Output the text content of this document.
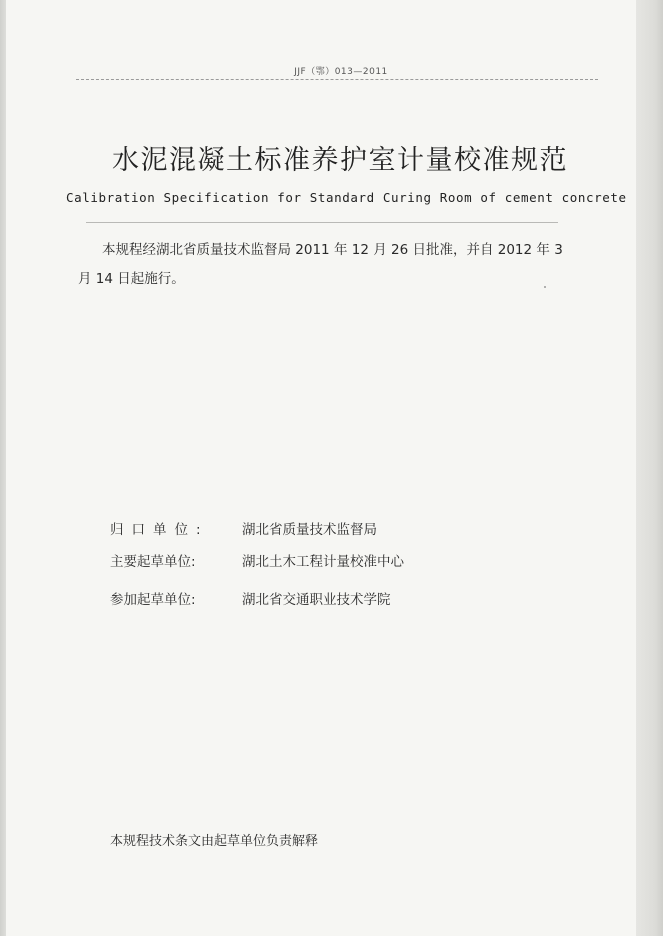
JJF（鄂）013—2011
水泥混凝土标准养护室计量校准规范
Calibration Specification for Standard Curing Room of cement concrete
本规程经湖北省质量技术监督局 2011 年 12 月 26 日批准，并自 2012 年 3
月 14 日起施行。
归口单位:	湖北省质量技术监督局
主要起草单位:	湖北土木工程计量校准中心
参加起草单位:	湖北省交通职业技术学院
本规程技术条文由起草单位负责解释
